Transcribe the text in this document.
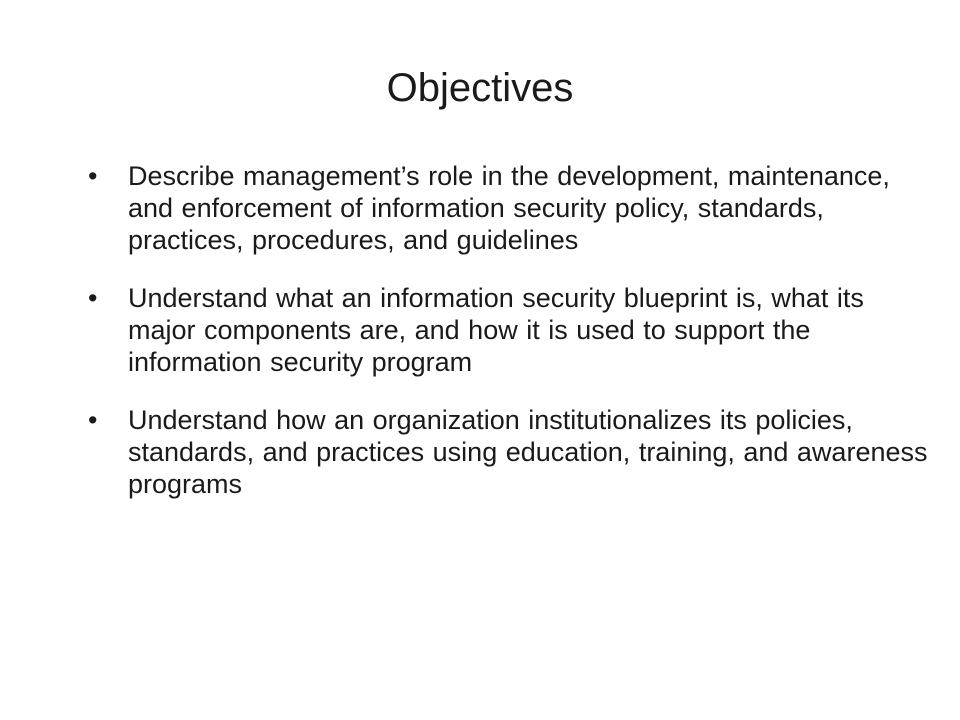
Objectives
•	Describe management’s role in the development, maintenance, and enforcement of information security policy, standards, practices, procedures, and guidelines
•	Understand what an information security blueprint is, what its major components are, and how it is used to support the information security program
•	Understand how an organization institutionalizes its policies, standards, and practices using education, training, and awareness programs
